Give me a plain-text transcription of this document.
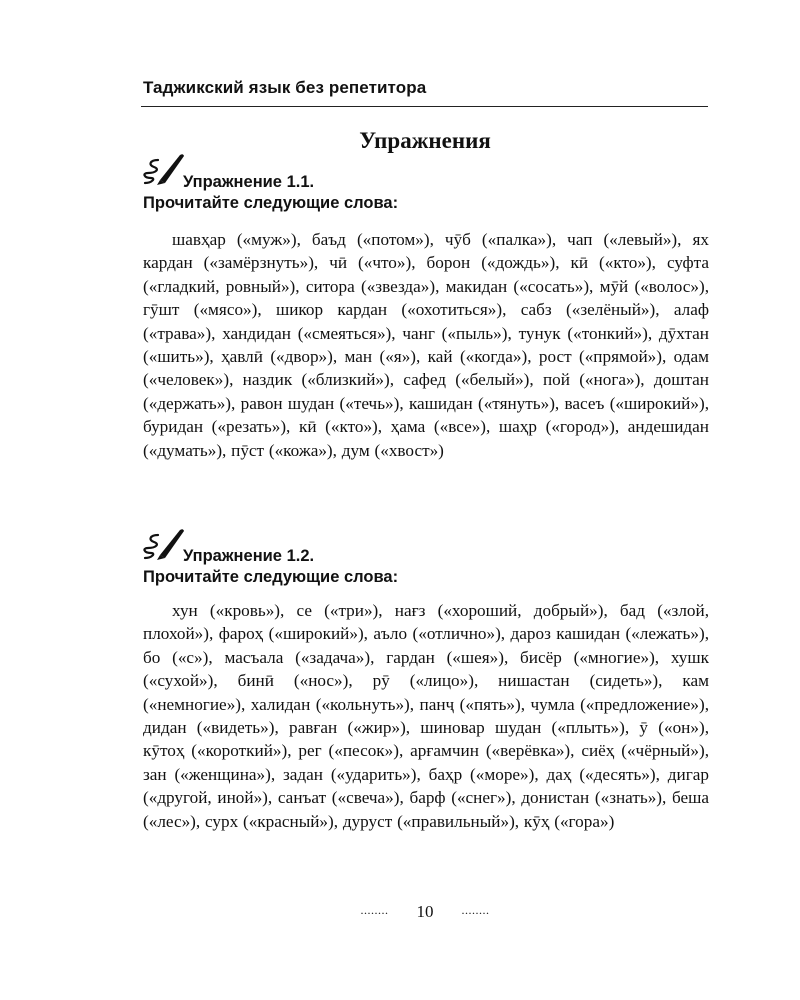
Таджикский язык без репетитора
Упражнения
Упражнение 1.1.
Прочитайте следующие слова:

шавҳар («муж»), баъд («потом»), чӯб («палка»), чап («левый»), ях кардан («замёрзнуть»), чӣ («что»), борон («дождь»), кӣ («кто»), суфта («гладкий, ровный»), ситора («звезда»), макидан («сосать»), мӯй («волос»), гӯшт («мясо»), шикор кардан («охотиться»), сабз («зелёный»), алаф («трава»), хандидан («смеяться»), чанг («пыль»), тунук («тонкий»), дӯхтан («шить»), ҳавлӣ («двор»), ман («я»), кай («когда»), рост («прямой»), одам («человек»), наздик («близкий»), сафед («белый»), пой («нога»), доштан («держать»), равон шудан («течь»), кашидан («тянуть»), васеъ («широкий»), буридан («резать»), кӣ («кто»), ҳама («все»), шаҳр («город»), андешидан («думать»), пӯст («кожа»), дум («хвост»)

Упражнение 1.2.
Прочитайте следующие слова:

хун («кровь»), се («три»), нағз («хороший, добрый»), бад («злой, плохой»), фароҳ («широкий»), аъло («отлично»), дароз кашидан («лежать»), бо («с»), масъала («задача»), гардан («шея»), бисёр («многие»), хушк («сухой»), бинӣ («нос»), рӯ («лицо»), нишастан (сидеть»), кам («немногие»), халидан («кольнуть»), панҷ («пять»), чумла («предложение»), дидан («видеть»), равған («жир»), шиновар шудан («плыть»), ӯ («он»), кӯтоҳ («короткий»), рег («песок»), арғамчин («верёвка»), сиёҳ («чёрный»), зан («женщина»), задан («ударить»), баҳр («море»), даҳ («десять»), дигар («другой, иной»), санъат («свеча»), барф («снег»), донистан («знать»), беша («лес»), сурх («красный»), дуруст («правильный»), кӯҳ («гора»)

........ 10 ........
